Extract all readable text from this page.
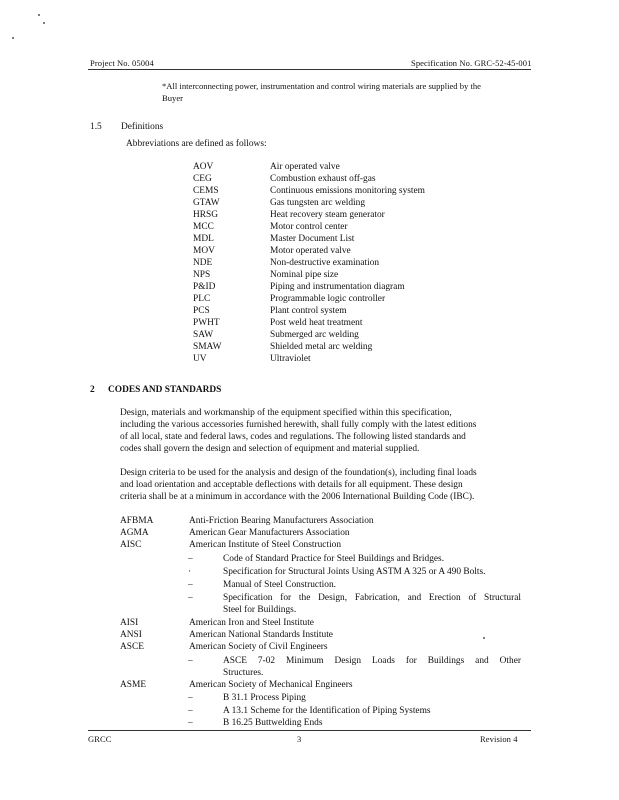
Project No. 05004	Specification No. GRC-52-45-001
*All interconnecting power, instrumentation and control wiring materials are supplied by the
Buyer
1.5 Definitions
Abbreviations are defined as follows:
AOV	Air operated valve
CEG	Combustion exhaust off-gas
CEMS	Continuous emissions monitoring system
GTAW	Gas tungsten arc welding
HRSG	Heat recovery steam generator
MCC	Motor control center
MDL	Master Document List
MOV	Motor operated valve
NDE	Non-destructive examination
NPS	Nominal pipe size
P&ID	Piping and instrumentation diagram
PLC	Programmable logic controller
PCS	Plant control system
PWHT	Post weld heat treatment
SAW	Submerged arc welding
SMAW	Shielded metal arc welding
UV	Ultraviolet
2 CODES AND STANDARDS
Design, materials and workmanship of the equipment specified within this specification,
including the various accessories furnished herewith, shall fully comply with the latest editions
of all local, state and federal laws, codes and regulations. The following listed standards and
codes shall govern the design and selection of equipment and material supplied.
Design criteria to be used for the analysis and design of the foundation(s), including final loads
and load orientation and acceptable deflections with details for all equipment. These design
criteria shall be at a minimum in accordance with the 2006 International Building Code (IBC).
AFBMA	Anti-Friction Bearing Manufacturers Association
AGMA	American Gear Manufacturers Association
AISC	American Institute of Steel Construction
–	Code of Standard Practice for Steel Buildings and Bridges.
·	Specification for Structural Joints Using ASTM A 325 or A 490 Bolts.
–	Manual of Steel Construction.
–	Specification for the Design, Fabrication, and Erection of Structural
Steel for Buildings.
AISI	American Iron and Steel Institute
ANSI	American National Standards Institute
ASCE	American Society of Civil Engineers
–	ASCE 7-02 Minimum Design Loads for Buildings and Other
Structures.
ASME	American Society of Mechanical Engineers
–	B 31.1 Process Piping
–	A 13.1 Scheme for the Identification of Piping Systems
–	B 16.25 Buttwelding Ends
GRCC	3	Revision 4
